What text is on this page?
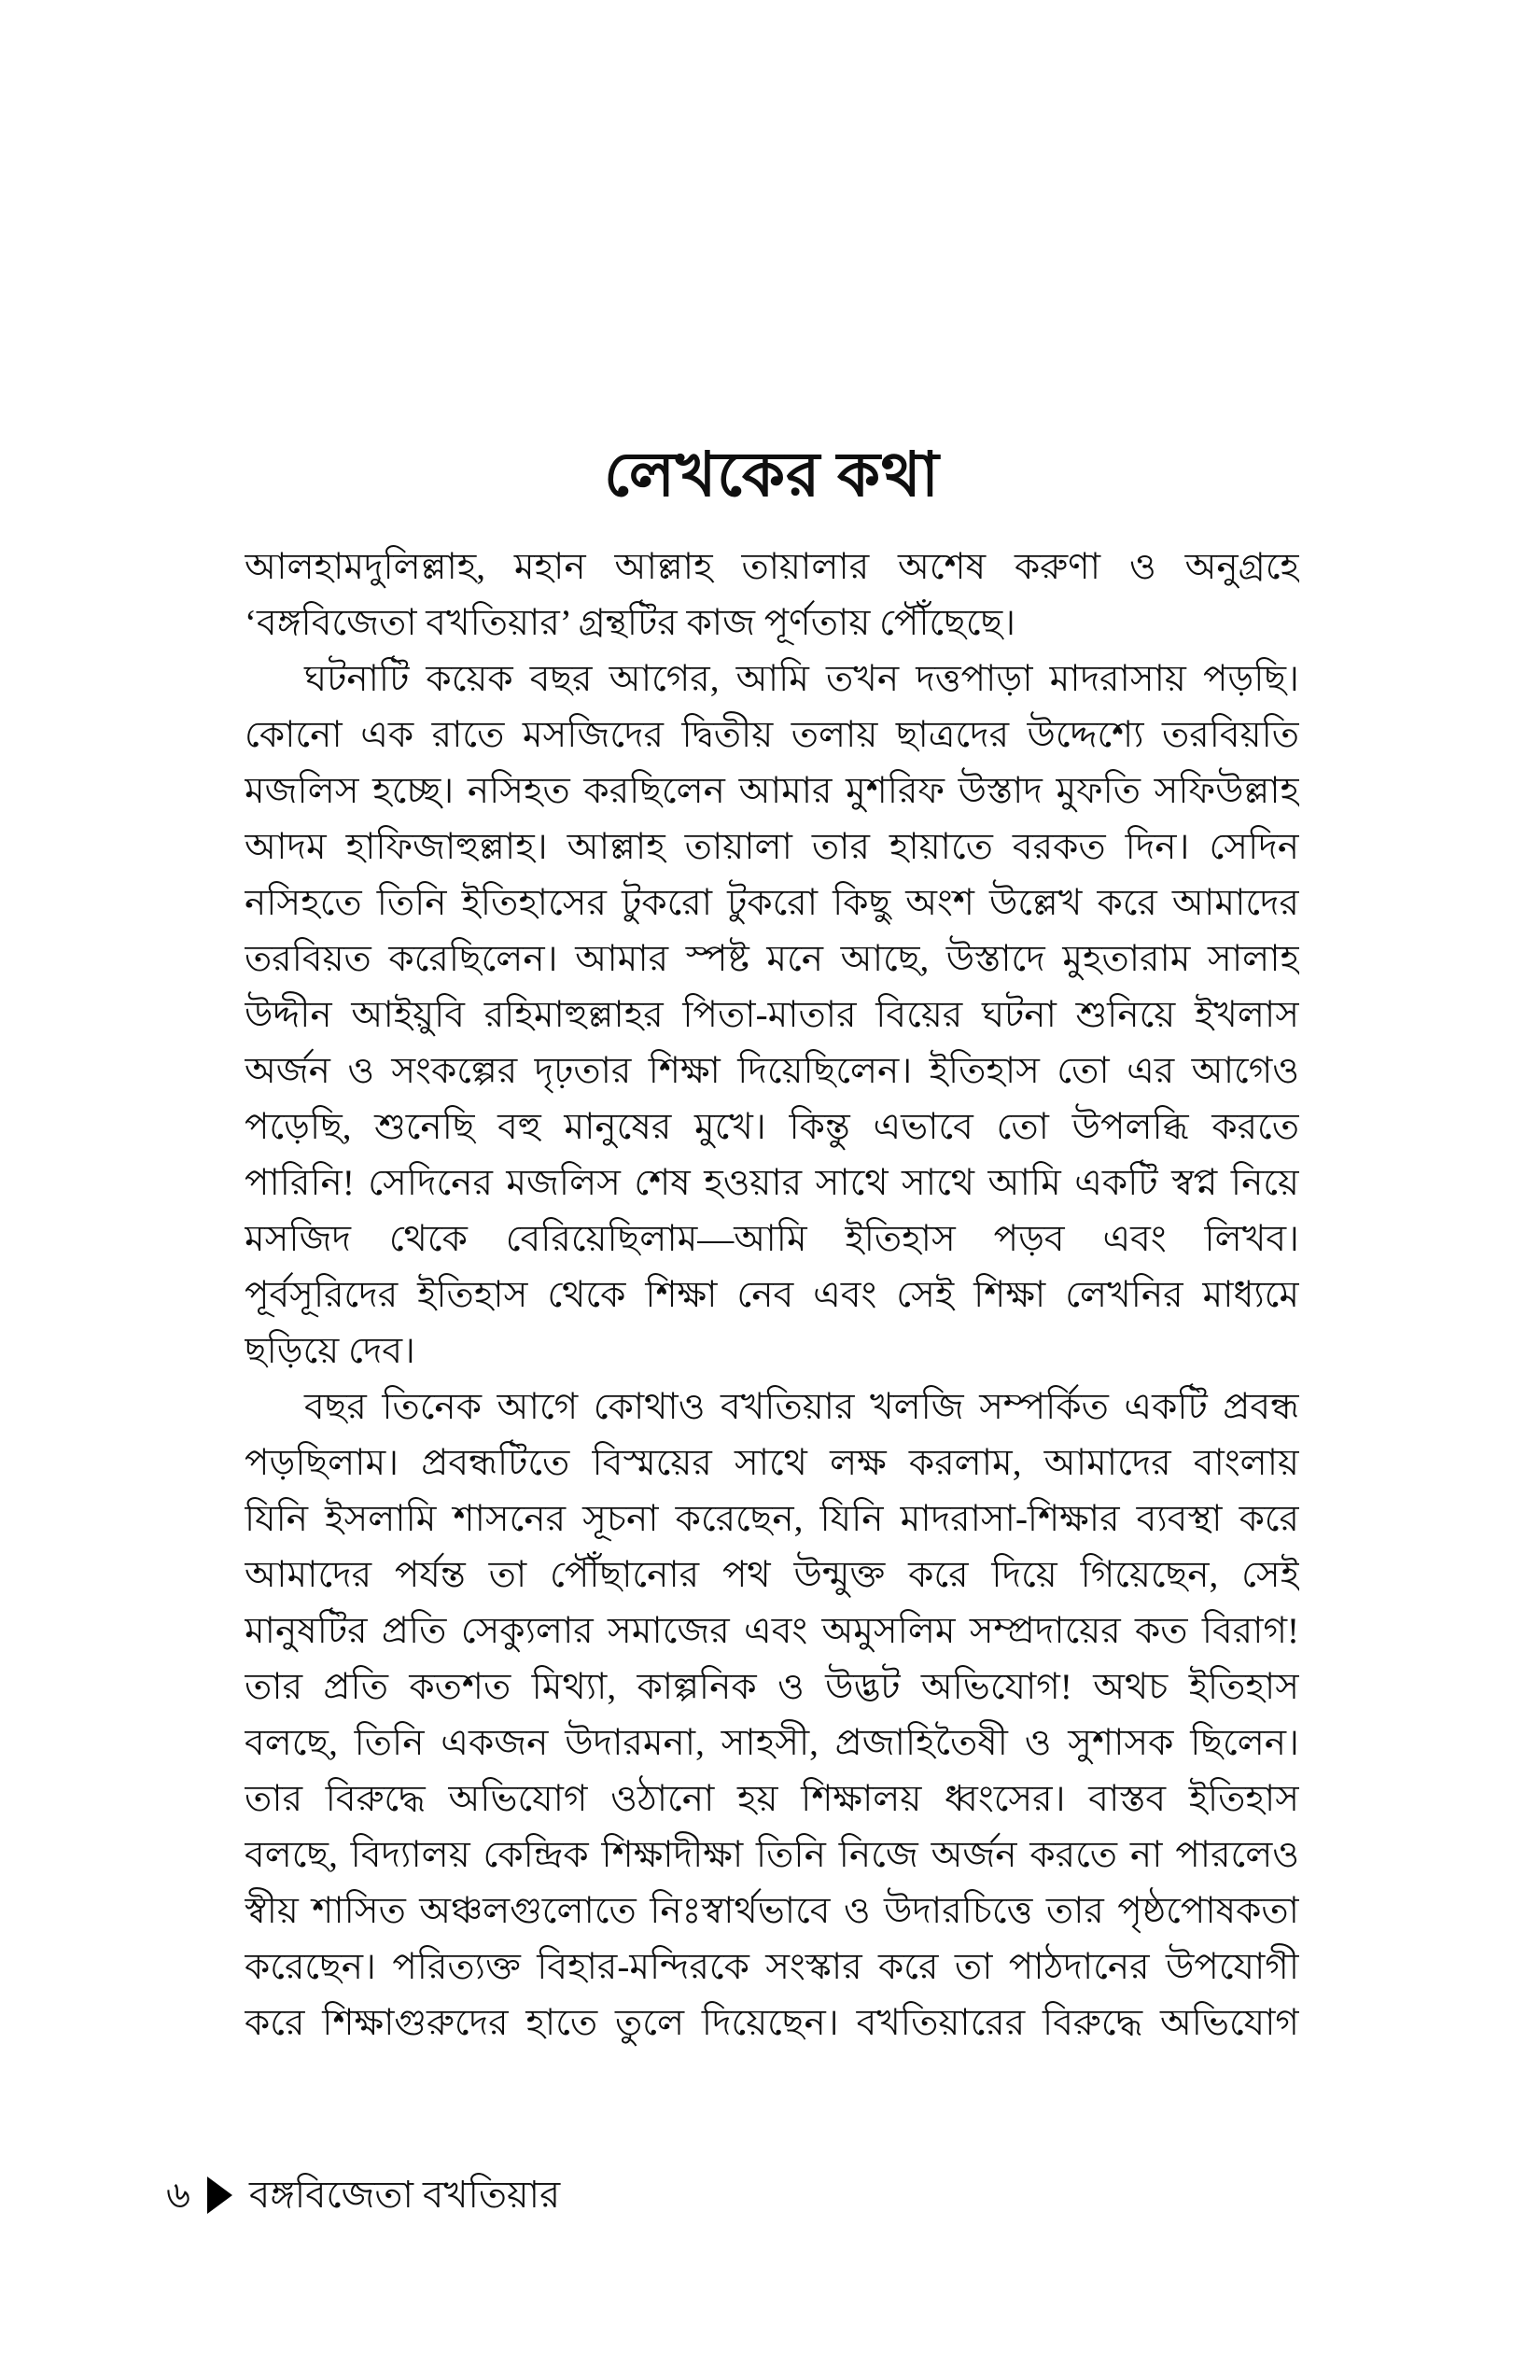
লেখকের কথা
আলহামদুলিল্লাহ, মহান আল্লাহ তায়ালার অশেষ করুণা ও অনুগ্রহে
‘বঙ্গবিজেতা বখতিয়ার’ গ্রন্থটির কাজ পূর্ণতায় পৌঁছেছে।
ঘটনাটি কয়েক বছর আগের, আমি তখন দত্তপাড়া মাদরাসায় পড়ছি।
কোনো এক রাতে মসজিদের দ্বিতীয় তলায় ছাত্রদের উদ্দেশ্যে তরবিয়তি
মজলিস হচ্ছে। নসিহত করছিলেন আমার মুশরিফ উস্তাদ মুফতি সফিউল্লাহ
আদম হাফিজাহুল্লাহ। আল্লাহ তায়ালা তার হায়াতে বরকত দিন। সেদিন
নসিহতে তিনি ইতিহাসের টুকরো টুকরো কিছু অংশ উল্লেখ করে আমাদের
তরবিয়ত করেছিলেন। আমার স্পষ্ট মনে আছে, উস্তাদে মুহতারাম সালাহ
উদ্দীন আইয়ুবি রহিমাহুল্লাহর পিতা-মাতার বিয়ের ঘটনা শুনিয়ে ইখলাস
অর্জন ও সংকল্পের দৃঢ়তার শিক্ষা দিয়েছিলেন। ইতিহাস তো এর আগেও
পড়েছি, শুনেছি বহু মানুষের মুখে। কিন্তু এভাবে তো উপলব্ধি করতে
পারিনি! সেদিনের মজলিস শেষ হওয়ার সাথে সাথে আমি একটি স্বপ্ন নিয়ে
মসজিদ থেকে বেরিয়েছিলাম—আমি ইতিহাস পড়ব এবং লিখব।
পূর্বসূরিদের ইতিহাস থেকে শিক্ষা নেব এবং সেই শিক্ষা লেখনির মাধ্যমে
ছড়িয়ে দেব।
বছর তিনেক আগে কোথাও বখতিয়ার খলজি সম্পর্কিত একটি প্রবন্ধ
পড়ছিলাম। প্রবন্ধটিতে বিস্ময়ের সাথে লক্ষ করলাম, আমাদের বাংলায়
যিনি ইসলামি শাসনের সূচনা করেছেন, যিনি মাদরাসা-শিক্ষার ব্যবস্থা করে
আমাদের পর্যন্ত তা পৌঁছানোর পথ উন্মুক্ত করে দিয়ে গিয়েছেন, সেই
মানুষটির প্রতি সেক্যুলার সমাজের এবং অমুসলিম সম্প্রদায়ের কত বিরাগ!
তার প্রতি কতশত মিথ্যা, কাল্পনিক ও উদ্ভট অভিযোগ! অথচ ইতিহাস
বলছে, তিনি একজন উদারমনা, সাহসী, প্রজাহিতৈষী ও সুশাসক ছিলেন।
তার বিরুদ্ধে অভিযোগ ওঠানো হয় শিক্ষালয় ধ্বংসের। বাস্তব ইতিহাস
বলছে, বিদ্যালয় কেন্দ্রিক শিক্ষাদীক্ষা তিনি নিজে অর্জন করতে না পারলেও
স্বীয় শাসিত অঞ্চলগুলোতে নিঃস্বার্থভাবে ও উদারচিত্তে তার পৃষ্ঠপোষকতা
করেছেন। পরিত্যক্ত বিহার-মন্দিরকে সংস্কার করে তা পাঠদানের উপযোগী
করে শিক্ষাগুরুদের হাতে তুলে দিয়েছেন। বখতিয়ারের বিরুদ্ধে অভিযোগ
৬ বঙ্গবিজেতা বখতিয়ার
